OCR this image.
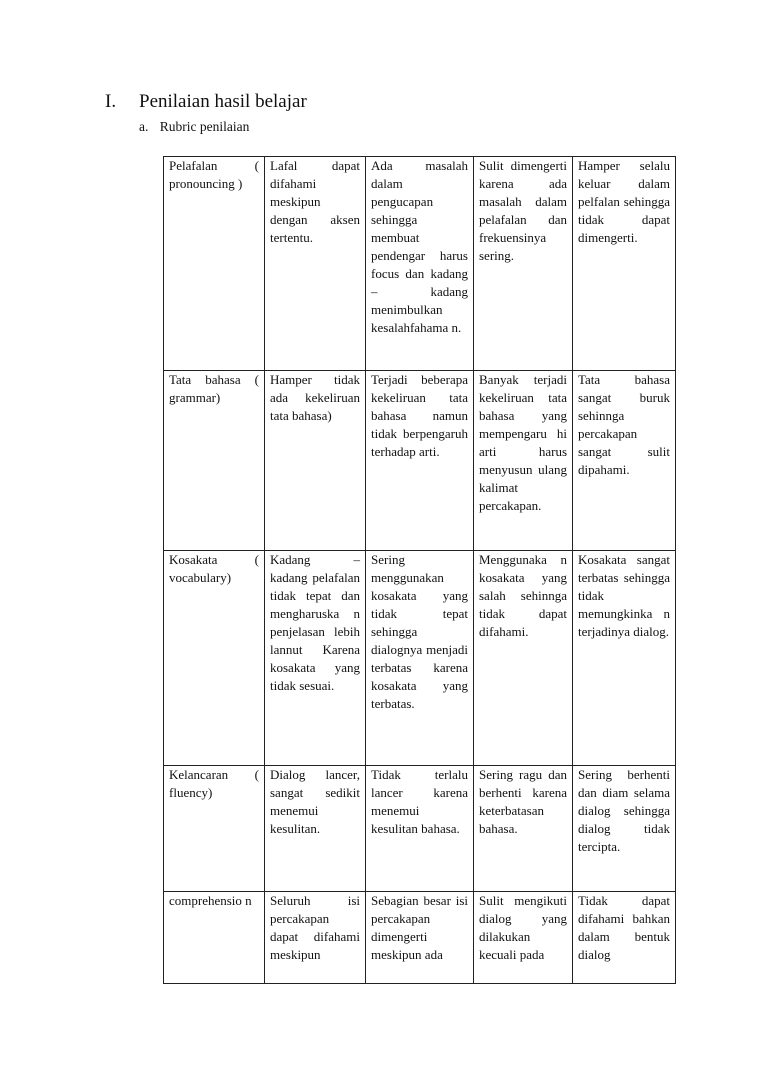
I.	Penilaian hasil belajar
a. Rubric penilaian
Pelafalan ( pronouncing )	Lafal dapat difahami meskipun dengan aksen tertentu.	Ada masalah dalam pengucapan sehingga membuat pendengar harus focus dan kadang – kadang menimbulkan kesalahfahama n.	Sulit dimengerti karena ada masalah dalam pelafalan dan frekuensinya sering.	Hamper selalu keluar dalam pelfalan sehingga tidak dapat dimengerti.
Tata bahasa ( grammar)	Hamper tidak ada kekeliruan tata bahasa)	Terjadi beberapa kekeliruan tata bahasa namun tidak berpengaruh terhadap arti.	Banyak terjadi kekeliruan tata bahasa yang mempengaru hi arti harus menyusun ulang kalimat percakapan.	Tata bahasa sangat buruk sehinnga percakapan sangat sulit dipahami.
Kosakata ( vocabulary)	Kadang – kadang pelafalan tidak tepat dan mengharuska n penjelasan lebih lannut Karena kosakata yang tidak sesuai.	Sering menggunakan kosakata yang tidak tepat sehingga dialognya menjadi terbatas karena kosakata yang terbatas.	Menggunaka n kosakata yang salah sehinnga tidak dapat difahami.	Kosakata sangat terbatas sehingga tidak memungkinka n terjadinya dialog.
Kelancaran ( fluency)	Dialog lancer, sangat sedikit menemui kesulitan.	Tidak terlalu lancer karena menemui kesulitan bahasa.	Sering ragu dan berhenti karena keterbatasan bahasa.	Sering berhenti dan diam selama dialog sehingga dialog tidak tercipta.

comprehensio n	Seluruh isi percakapan dapat difahami meskipun	Sebagian besar isi percakapan dimengerti meskipun ada	Sulit mengikuti dialog yang dilakukan kecuali pada	Tidak dapat difahami bahkan dalam bentuk dialog
